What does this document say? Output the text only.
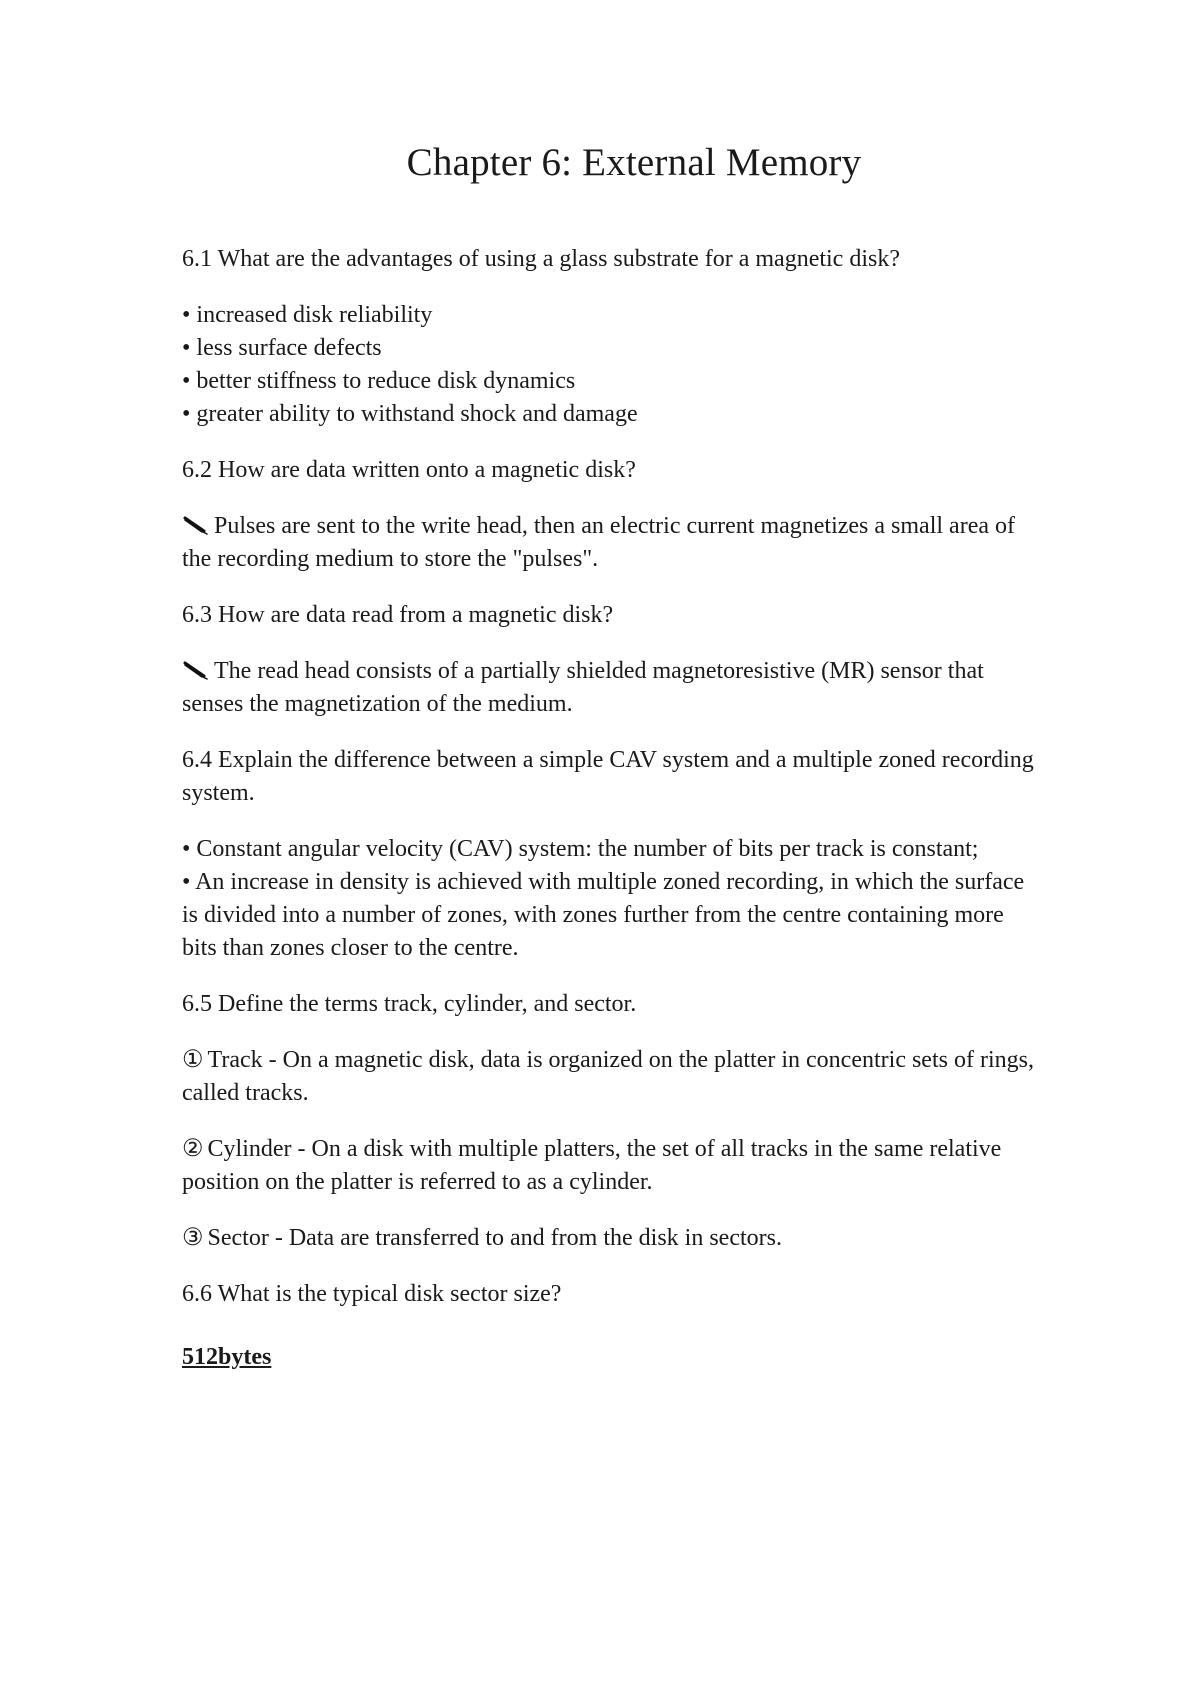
Chapter 6: External Memory

6.1 What are the advantages of using a glass substrate for a magnetic disk?

• increased disk reliability
• less surface defects
• better stiffness to reduce disk dynamics
• greater ability to withstand shock and damage

6.2 How are data written onto a magnetic disk?

Pulses are sent to the write head, then an electric current magnetizes a small area of the recording medium to store the "pulses".

6.3 How are data read from a magnetic disk?

The read head consists of a partially shielded magnetoresistive (MR) sensor that senses the magnetization of the medium.

6.4 Explain the difference between a simple CAV system and a multiple zoned recording system.

• Constant angular velocity (CAV) system: the number of bits per track is constant;
• An increase in density is achieved with multiple zoned recording, in which the surface is divided into a number of zones, with zones further from the centre containing more bits than zones closer to the centre.

6.5 Define the terms track, cylinder, and sector.

① Track - On a magnetic disk, data is organized on the platter in concentric sets of rings, called tracks.

② Cylinder - On a disk with multiple platters, the set of all tracks in the same relative position on the platter is referred to as a cylinder.

③ Sector - Data are transferred to and from the disk in sectors.

6.6 What is the typical disk sector size?

512bytes
